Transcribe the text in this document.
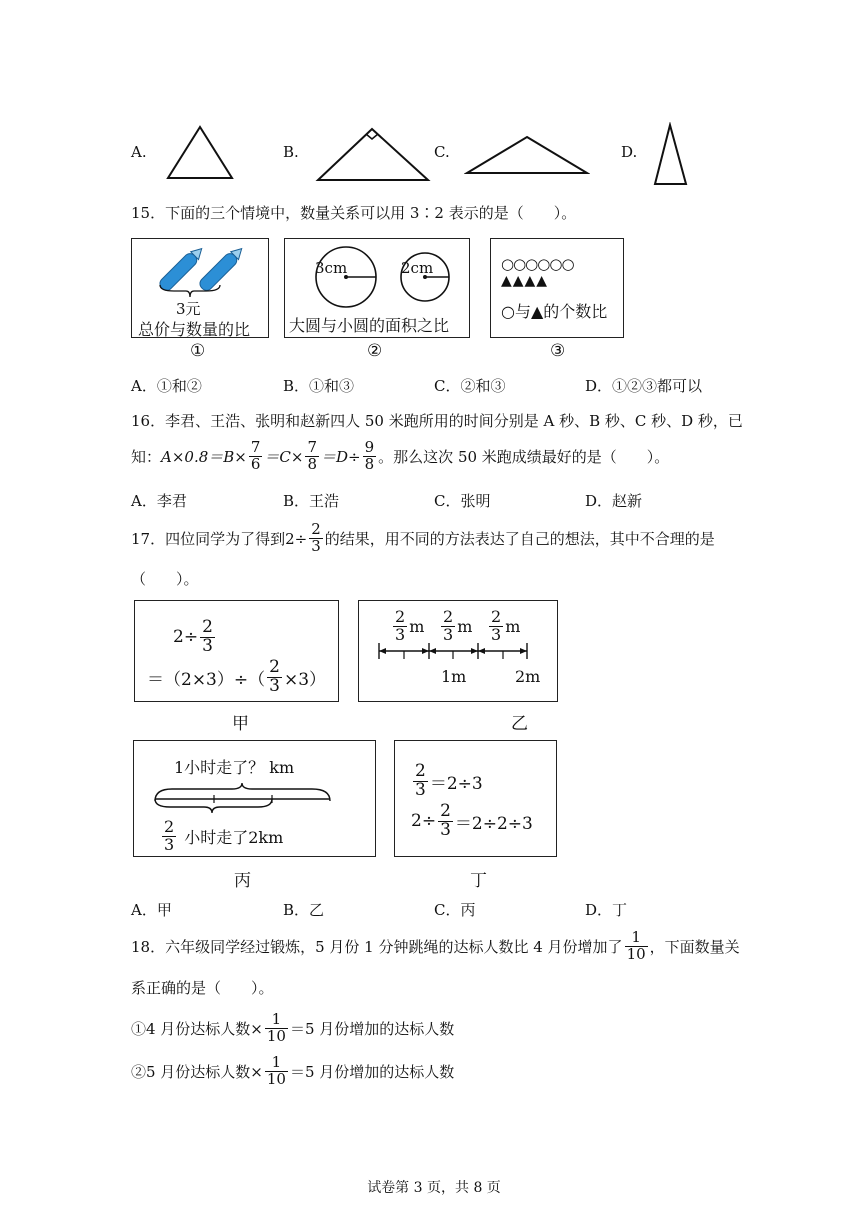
A.	B.	C.	D.
15．下面的三个情境中，数量关系可以用 3∶2 表示的是（　　）。
3元
总价与数量的比
①
3cm	2cm
大圆与小圆的面积之比
②
○○○○○○
▲▲▲▲
○与▲的个数比
③
A．①和②	B．①和③	C．②和③	D．①②③都可以
16．李君、王浩、张明和赵新四人 50 米跑所用的时间分别是 A 秒、B 秒、C 秒、D 秒，已
知： $A\times 0.8=B\times \frac{7}{6} =C\times \frac{7}{8} =D\div \frac{9}{8}$ 。那么这次 50 米跑成绩最好的是（　　）。
A．李君	B．王浩	C．张明	D．赵新
17．四位同学为了得到$2\div \frac{2}{3}$ 的结果，用不同的方法表达了自己的想法，其中不合理的是
（　　）。
$2\div \frac{2}{3}$
$=(2\times 3)\div( \frac{2}{3} \times 3)$
甲
$\frac{2}{3}$ m $\frac{2}{3}$ m $\frac{2}{3}$ m
1m	2m
乙
1小时走了？ km
$\frac{2}{3}$ 小时走了2km
丙
$\frac{2}{3} =2\div 3$
$2\div \frac{2}{3} =2\div 2\div 3$
丁
A．甲	B．乙	C．丙	D．丁
18．六年级同学经过锻炼，5 月份 1 分钟跳绳的达标人数比 4 月份增加了 $\frac{1}{10}$ ，下面数量关
系正确的是（　　）。
①4 月份达标人数× $\frac{1}{10} =5$ 月份增加的达标人数
②5 月份达标人数× $\frac{1}{10} =5$ 月份增加的达标人数
试卷第 3 页，共 8 页
